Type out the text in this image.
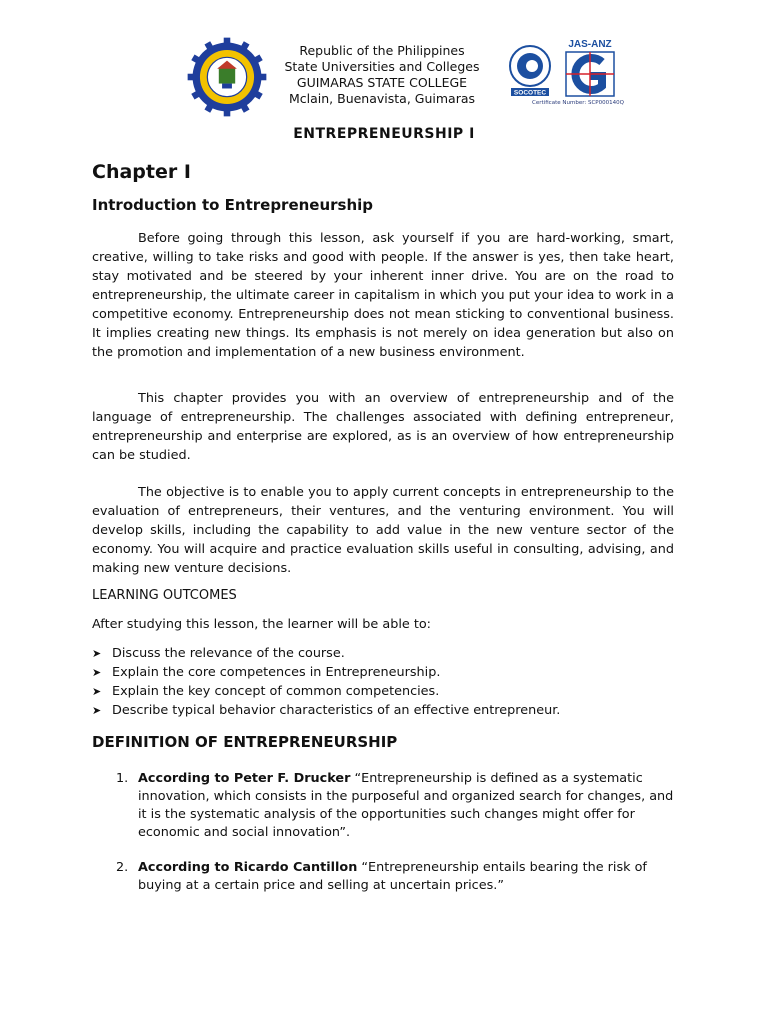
Republic of the Philippines
State Universities and Colleges
GUIMARAS STATE COLLEGE
Mclain, Buenavista, Guimaras	SOCOTEC
JAS-ANZ
Certificate Number: SCP000140Q
ENTREPRENEURSHIP I
Chapter I
Introduction to Entrepreneurship

Before going through this lesson, ask yourself if you are hard-working, smart, creative, willing to take risks and good with people. If the answer is yes, then take heart, stay motivated and be steered by your inherent inner drive. You are on the road to entrepreneurship, the ultimate career in capitalism in which you put your idea to work in a competitive economy. Entrepreneurship does not mean sticking to conventional business. It implies creating new things. Its emphasis is not merely on idea generation but also on the promotion and implementation of a new business environment.

This chapter provides you with an overview of entrepreneurship and of the language of entrepreneurship. The challenges associated with defining entrepreneur, entrepreneurship and enterprise are explored, as is an overview of how entrepreneurship can be studied.

The objective is to enable you to apply current concepts in entrepreneurship to the evaluation of entrepreneurs, their ventures, and the venturing environment. You will develop skills, including the capability to add value in the new venture sector of the economy. You will acquire and practice evaluation skills useful in consulting, advising, and making new venture decisions.

LEARNING OUTCOMES
After studying this lesson, the learner will be able to:
➤ Discuss the relevance of the course.
➤ Explain the core competences in Entrepreneurship.
➤ Explain the key concept of common competencies.
➤ Describe typical behavior characteristics of an effective entrepreneur.
DEFINITION OF ENTREPRENEURSHIP
1. According to Peter F. Drucker “Entrepreneurship is defined as a systematic innovation, which consists in the purposeful and organized search for changes, and it is the systematic analysis of the opportunities such changes might offer for economic and social innovation”.
2. According to Ricardo Cantillon “Entrepreneurship entails bearing the risk of buying at a certain price and selling at uncertain prices.”
